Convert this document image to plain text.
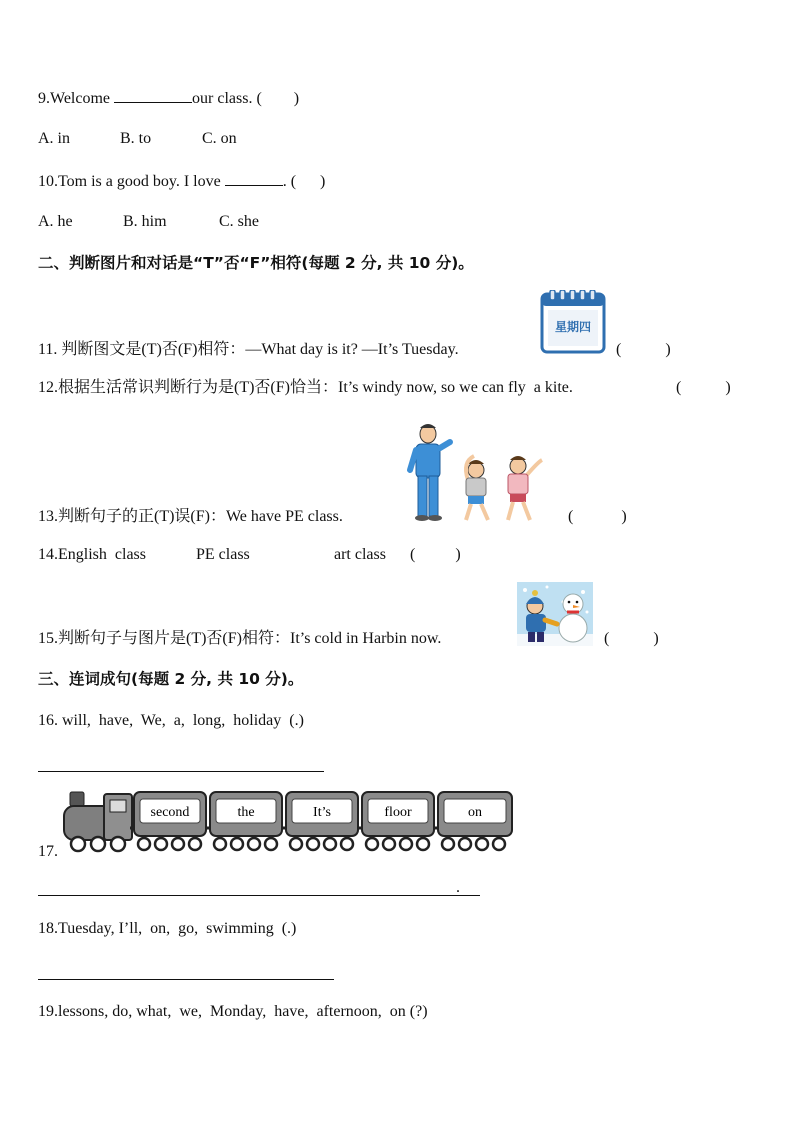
9.Welcome	our class. (        )
A. in	B. to	C. on
10.Tom is a good boy. I love	. (      )
A. he	B. him	C. she
二、判断图片和对话是“T”否“F”相符(每题 2 分, 共 10 分)。
11. 判断图文是(T)否(F)相符：—What day is it? —It’s Tuesday.
星期四
(           )
12.根据生活常识判断行为是(T)否(F)恰当：It’s windy now, so we can fly  a kite.	(           )
13.判断句子的正(T)误(F)：We have PE class.	(            )
14.English  class	PE class	art class (          )
15.判断句子与图片是(T)否(F)相符：It’s cold in Harbin now.	(           )
三、连词成句(每题 2 分, 共 10 分)。
16. will,  have,  We,  a,  long,  holiday  (.)
17.
second	the	It’s	floor	on
.
18.Tuesday, I’ll,  on,  go,  swimming  (.)
19.lessons, do, what,  we,  Monday,  have,  afternoon,  on (?)
